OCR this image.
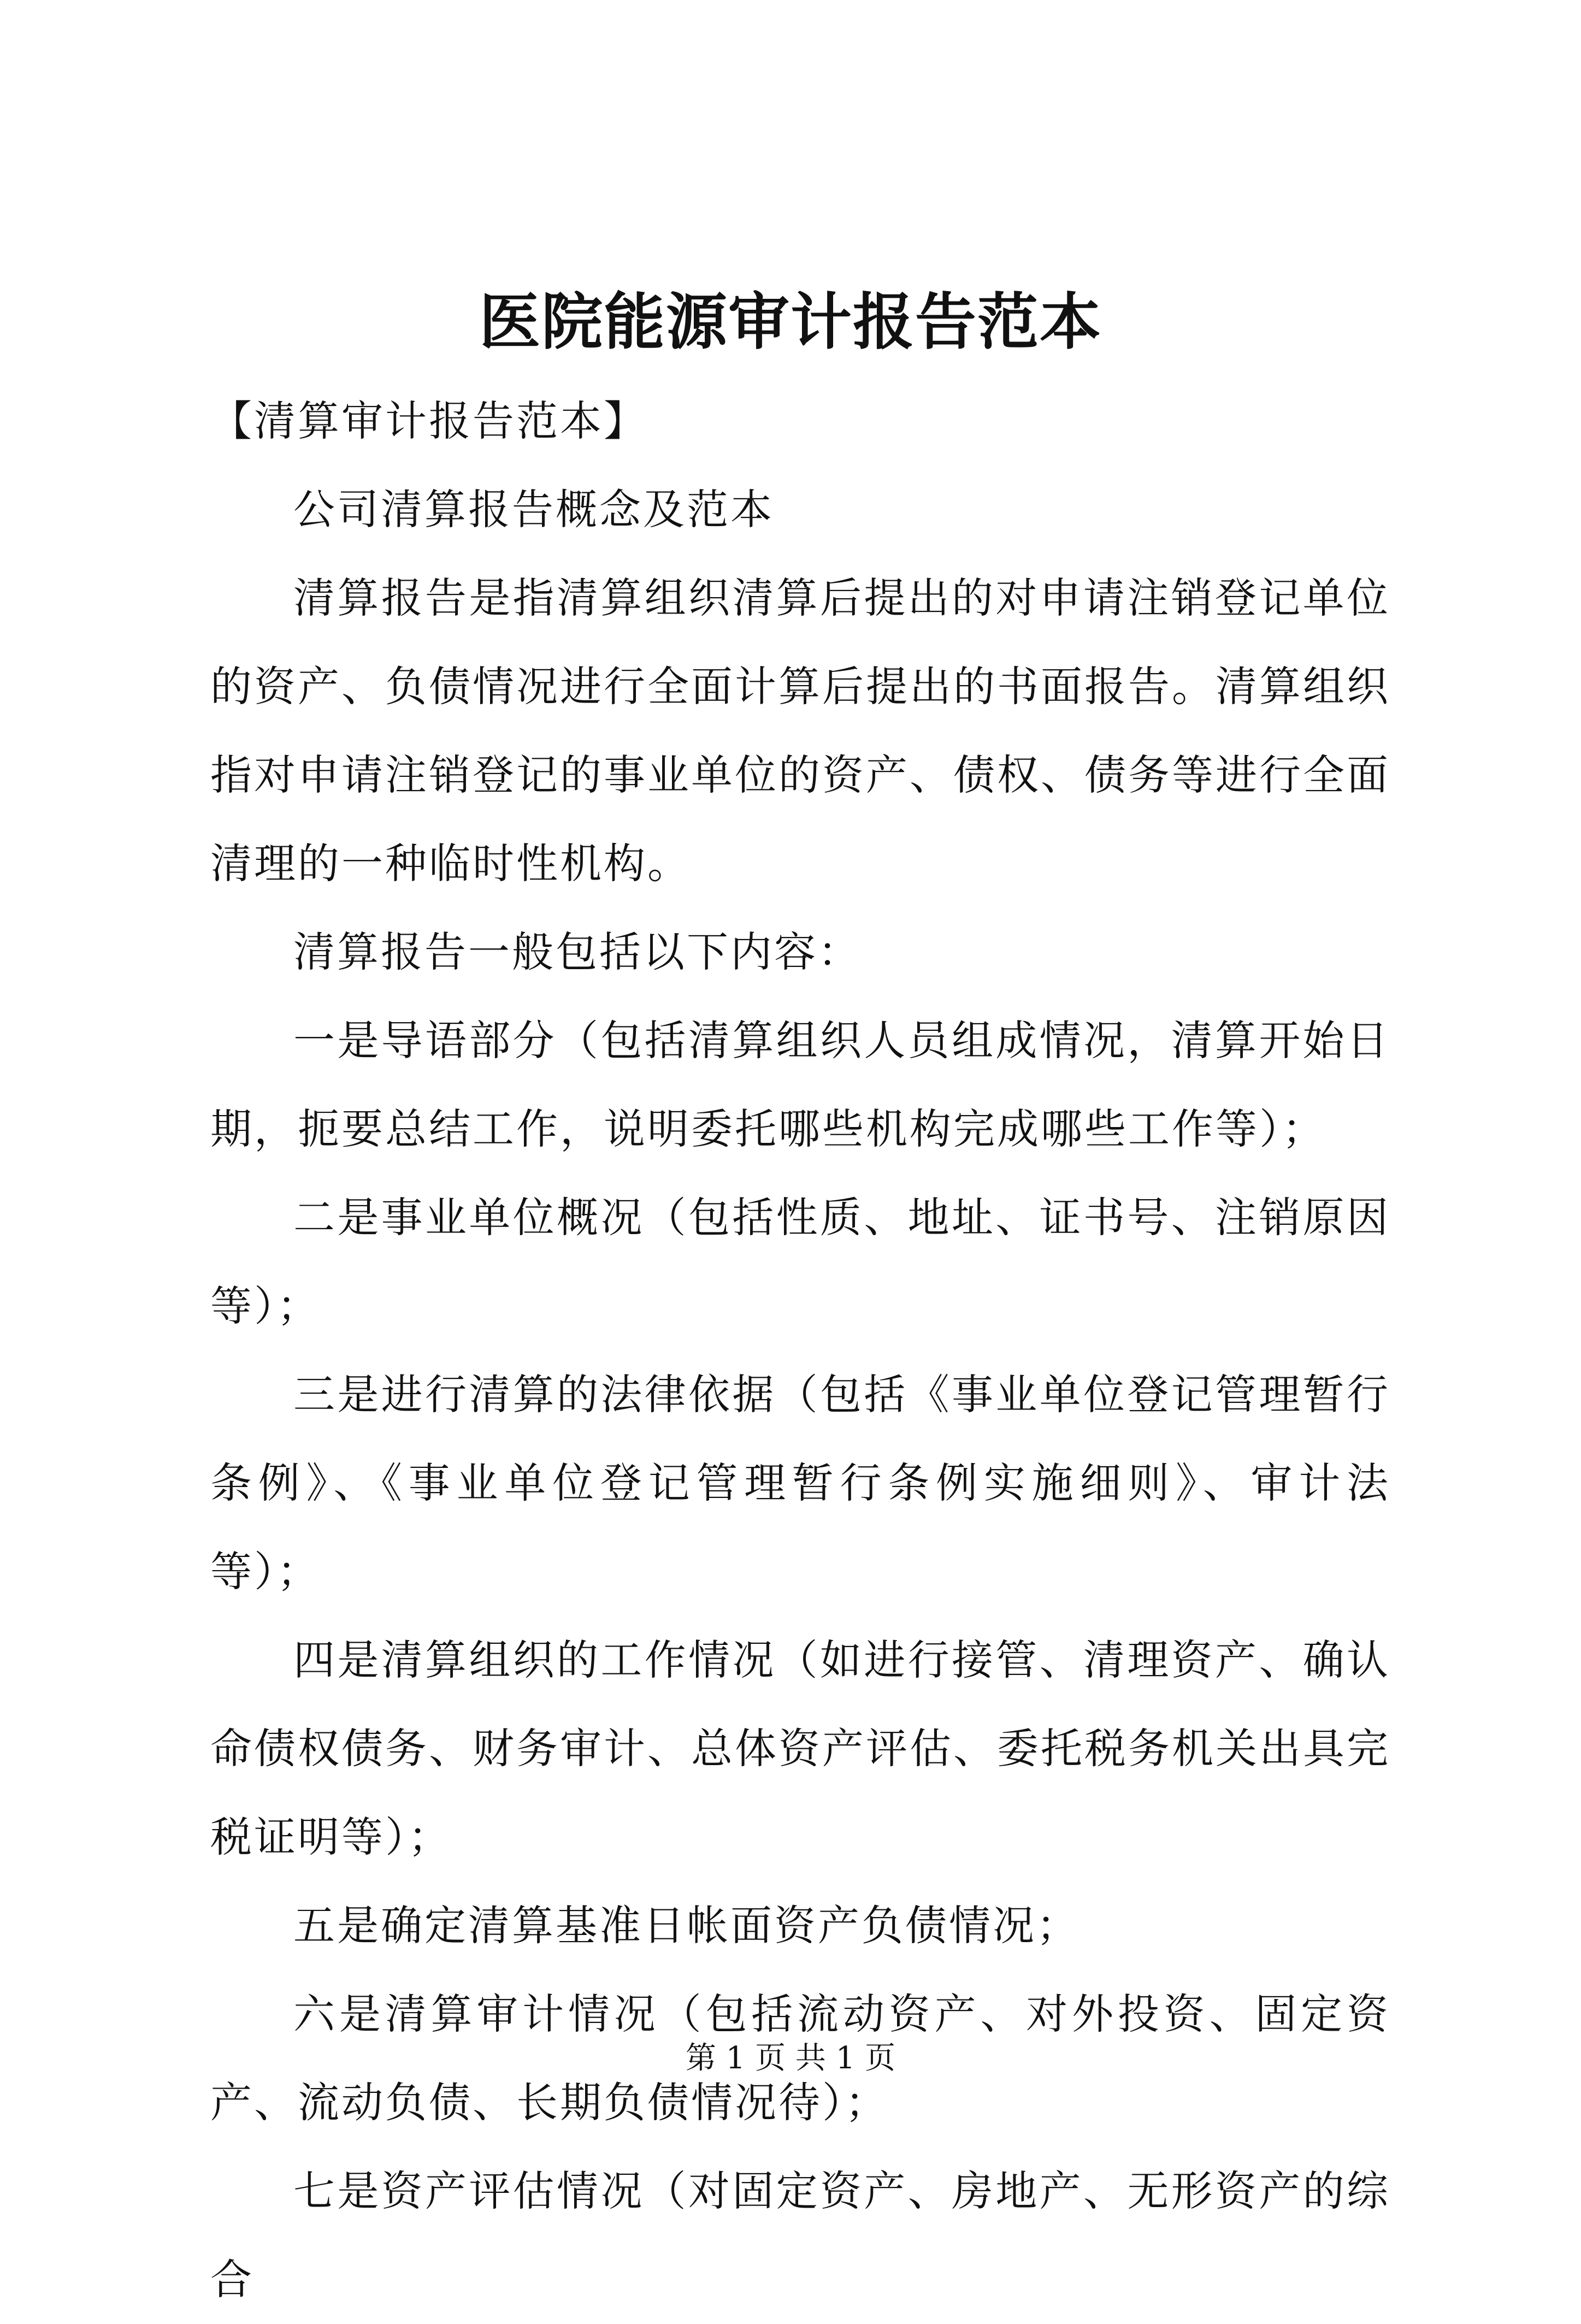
医院能源审计报告范本

【清算审计报告范本】

公司清算报告概念及范本

清算报告是指清算组织清算后提出的对申请注销登记单位的资产、负债情况进行全面计算后提出的书面报告。清算组织指对申请注销登记的事业单位的资产、债权、债务等进行全面清理的一种临时性机构。

清算报告一般包括以下内容：

一是导语部分（包括清算组织人员组成情况，清算开始日期，扼要总结工作，说明委托哪些机构完成哪些工作等）；

二是事业单位概况（包括性质、地址、证书号、注销原因等）；

三是进行清算的法律依据（包括《事业单位登记管理暂行条例》、《事业单位登记管理暂行条例实施细则》、审计法等）；

四是清算组织的工作情况（如进行接管、清理资产、确认命债权债务、财务审计、总体资产评估、委托税务机关出具完税证明等）；

五是确定清算基准日帐面资产负债情况；

六是清算审计情况（包括流动资产、对外投资、固定资产、流动负债、长期负债情况待）；

七是资产评估情况（对固定资产、房地产、无形资产的综合

第 1 页 共 1 页
